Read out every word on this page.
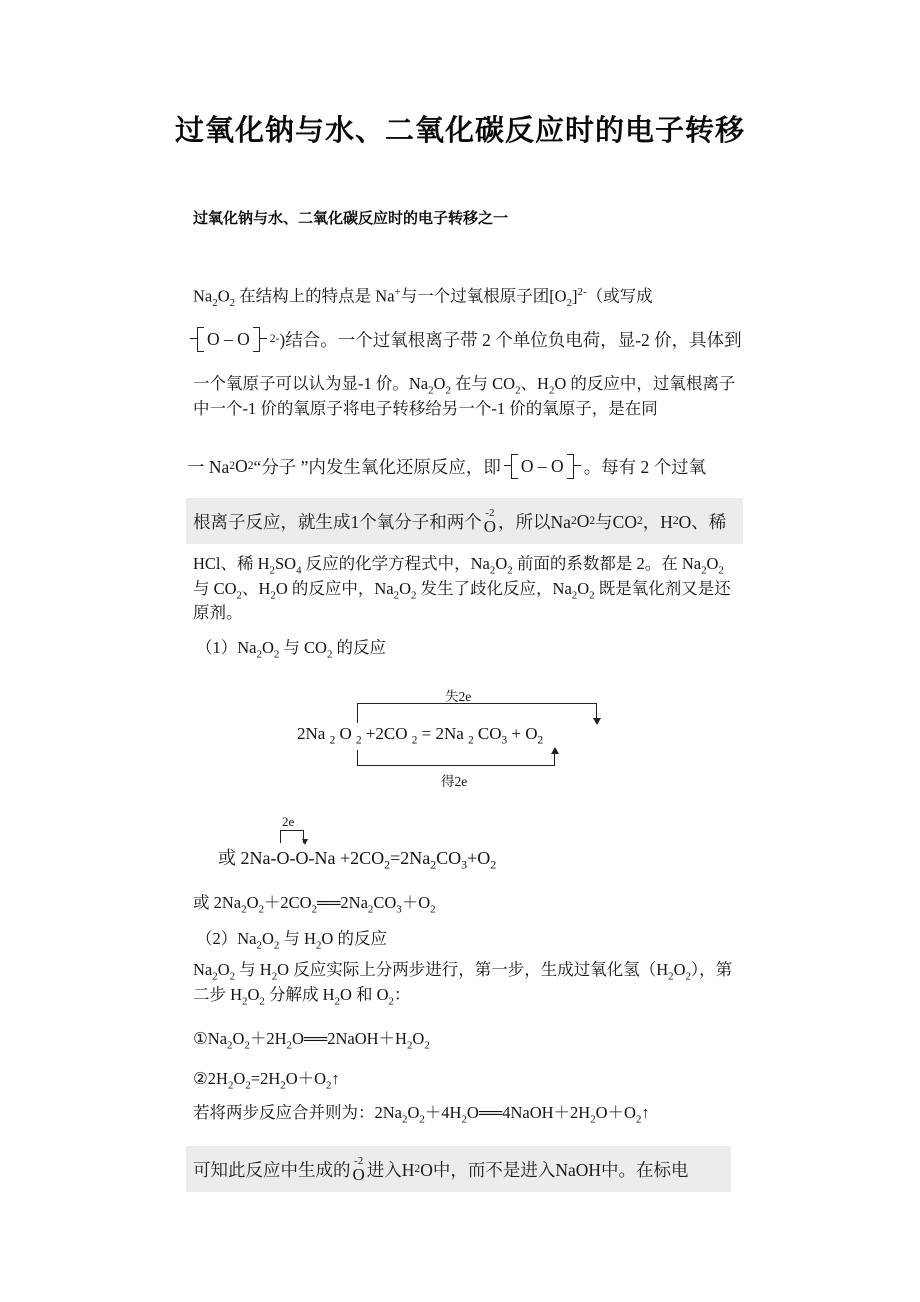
过氧化钠与水、二氧化碳反应时的电子转移
过氧化钠与水、二氧化碳反应时的电子转移之一
$Na_2O_2$ 在结构上的特点是 Na+与一个过氧根原子团$[O_2]^{2-}$（或写成
O – O 2- )结合。一个过氧根离子带 2 个单位负电荷，显-2 价，具体到
一个氧原子可以认为显-1 价。$Na_2O_2$ 在与 $CO_2$、$H_2O$ 的反应中，过氧根离子
中一个-1 价的氧原子将电子转移给另一个-1 价的氧原子，是在同
一 Na 2 O 2 “分子 ”内发生氧化还原反应，即 O – O 。每有 2 个过氧
根离子反应，就生成1个氧分子和两个 -2
O ，所以Na 2 O 2 与CO 2 ，H 2 O、稀
HCl、稀 $H_2SO_4$ 反应的化学方程式中，$Na_2O_2$ 前面的系数都是 2。在 $Na_2O_2$
与 $CO_2$、$H_2O$ 的反应中，$Na_2O_2$ 发生了歧化反应，$Na_2O_2$ 既是氧化剂又是还
原剂。
$(1)Na_2O_2$ 与 $CO_2$ 的反应
失2e
2Na $_2$ O $_2$ +2CO $_2$ = 2Na $_2$ $CO_3 + O_2$
得2e
2e
或 $2Na-O-O-Na +2CO_2=2Na_2CO_3+O_2$
或 $2Na_2O_2+2CO_2══2Na_2CO_3+O_2$
$(2)Na_2O_2$ 与 $H_2O$ 的反应
$Na_2O_2$ 与 $H_2O$ 反应实际上分两步进行，第一步，生成过氧化氢$(H_2O_2)$，第
二步 $H_2O_2$ 分解成 $H_2O$ 和 $O_2$：
$①Na_2O_2+2H_2O══2NaOH+H_2O_2$
$②2H_2O_2=2H_2O+O_2↑$
若将两步反应合并则为：$2Na_2O_2+4H_2O══4NaOH+2H_2O+O_2↑$
可知此反应中生成的 -2
O 进入H 2 O中，而不是进入NaOH中。在标电
